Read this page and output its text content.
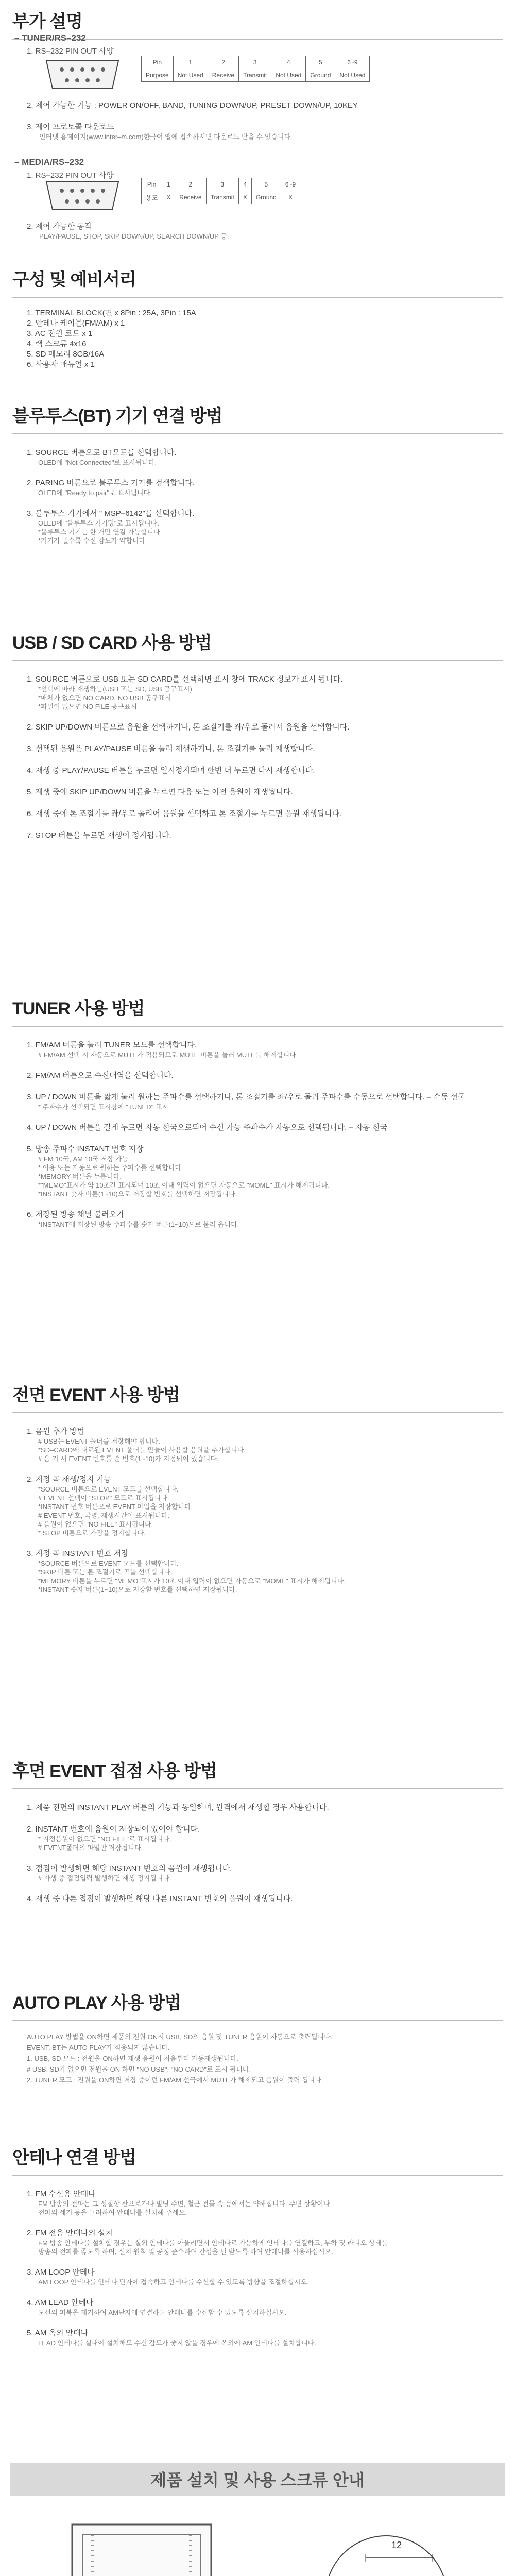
부가 설명
– TUNER/RS–232
1. RS–232 PIN OUT 사양
Pin	1	2	3	4	5	6~9
Purpose	Not Used	Receive	Transmit	Not Used	Ground	Not Used

2. 제어 가능한 기능 : POWER ON/OFF, BAND, TUNING DOWN/UP, PRESET DOWN/UP, 10KEY

3. 제어 프로토콜 다운로드

인터넷 홈페이지(www.inter–m.com)한국어 앱에 접속하시면 다운로드 받을 수 있습니다.

– MEDIA/RS–232
1. RS–232 PIN OUT 사양
Pin	1	2	3	4	5	6~9
용도	X	Receive	Transmit	X	Ground	X

2. 제어 가능한 동작

PLAY/PAUSE, STOP, SKIP DOWN/UP, SEARCH DOWN/UP 등.

구성 및 예비서리

1. TERMINAL BLOCK(핀 x 8Pin : 25A, 3Pin : 15A

2. 안테나 케이블(FM/AM) x 1

3. AC 전원 코드 x 1

4. 랙 스크류 4x16

5. SD 메모리 8GB/16A

6. 사용자 매뉴얼 x 1

블루투스(BT) 기기 연결 방법

1. SOURCE 버튼으로 BT모드를 선택합니다.

OLED에 "Not Connected"로 표시됩니다.

2. PARING 버튼으로 블루투스 기기를 검색합니다.

OLED에 "Ready to pair"로 표시됩니다.

3. 블루투스 기기에서 " MSP–6142"를 선택합니다.

OLED에 "블루투스 기기명"로 표시됩니다.

*블루투스 기기는 한 개만 연결 가능합니다.

*기기가 멀수록 수신 감도가 약합니다.

USB / SD CARD 사용 방법

1. SOURCE 버튼으로 USB 또는 SD CARD를 선택하면 표시 창에 TRACK 정보가 표시 됩니다.

*선택에 따라 재생하는(USB 또는 SD, USB 공구표시)

*매체가 없으면 NO CARD, NO USB 공구표시

*파일이 없으면 NO FILE 공구표시

2. SKIP UP/DOWN 버튼으로 음원을 선택하거나, 톤 조절기를 좌/우로 돌려서 음원을 선택합니다.

3. 선택된 음원은 PLAY/PAUSE 버튼을 눌러 재생하거나, 톤 조절기를 눌러 재생합니다.

4. 재생 중 PLAY/PAUSE 버튼을 누르면 일시정지되며 한번 더 누르면 다시 재생합니다.

5. 재생 중에 SKIP UP/DOWN 버튼을 누르면 다음 또는 이전 음원이 재생됩니다.

6. 재생 중에 톤 조절기를 좌/우로 돌리어 음원을 선택하고 톤 조절기를 누르면 음원 재생됩니다.

7. STOP 버튼을 누르면 재생이 정지됩니다.

TUNER 사용 방법

1. FM/AM 버튼을 눌러 TUNER 모드를 선택합니다.

# FM/AM 선택 시 자동으로 MUTE가 적용되므로 MUTE 버튼을 눌러 MUTE를 해제합니다.

2. FM/AM 버튼으로 수신대역을 선택합니다.

3. UP / DOWN 버튼을 짧게 눌러 원하는 주파수를 선택하거나, 톤 조절기를 좌/우로 돌려 주파수를 수동으로 선택합니다. – 수동 선국

* 주파수가 선택되면 표시창에 "TUNED" 표시

4. UP / DOWN 버튼을 길게 누르면 자동 선국으로되어 수신 가능 주파수가 자동으로 선택됩니다. – 자동 선국

5. 방송 주파수 INSTANT 번호 저장

# FM 10국, AM 10국 저장 가능

* 이용 또는 자동으로 원하는 주파수를 선택합니다.

*MEMORY 버튼을 누릅니다.

*"MEMO"표시가 약 10초간 표시되며 10초 이내 입력이 없으면 자동으로 "MOME" 표시가 해제됩니다.

*INSTANT 숫자 버튼(1~10)으로 저장할 번호를 선택하면 저장됩니다.

6. 저장된 방송 채널 불러오기

*INSTANT에 저장된 방송 주파수를 숫자 버튼(1~10)으로 불러 옵니다.

전면 EVENT 사용 방법

1. 음원 추가 방법

# USB는 EVENT 폴더를 저장해야 합니다.

*SD–CARD에 대로된 EVENT 폴더를 만들어 사용할 음원을 추가합니다.

# 음 기 서 EVENT 번호를 순 번호(1~10)가 지정되어 있습니다.

2. 지정 곡 재생/정지 기능

*SOURCE 버튼으로 EVENT 모드를 선택합니다.

# EVENT 선택이 "STOP" 모드로 표시됩니다.

*INSTANT 번호 버튼으로 EVENT 파일을 저장합니다.

# EVENT 번호, 국명, 재생시간이 표시됩니다.

# 음원이 없으면 "NO FILE" 표시됩니다.

* STOP 버튼으로 가장을 정지합니다.

3. 지정 곡 INSTANT 번호 저장

*SOURCE 버튼으로 EVENT 모드를 선택합니다.

*SKIP 버튼 또는 톤 조절기로 곡을 선택합니다.

*MEMORY 버튼을 누르면 "MEMO"표시가 10초 이내 입력이 없으면 자동으로 "MOME" 표시가 해제됩니다.

*INSTANT 숫자 버튼(1~10)으로 저장할 번호를 선택하면 저장됩니다.

후면 EVENT 접점 사용 방법

1. 제품 전면의 INSTANT PLAY 버튼의 기능과 동일하며, 원격에서 재생할 경우 사용합니다.

2. INSTANT 번호에 음원이 저장되어 있어야 합니다.

* 지정음원이 없으면 "NO FILE"로 표시됩니다.

# EVENT폴더의 파일만 저장됩니다.

3. 접점이 발생하면 해당 INSTANT 번호의 음원이 재생됩니다.

# 자생 중 접점입력 발생하면 재생 정지됩니다.

4. 재생 중 다른 접점이 발생하면 해당 다른 INSTANT 번호의 음원이 재생됩니다.

AUTO PLAY 사용 방법

AUTO PLAY 방법을 ON하면 제품의 전원 ON시 USB, SD의 음원 및 TUNER 음원이 자동으로 출력됩니다.

EVENT, BT는 AUTO PLAY가 적용되지 않습니다.

1. USB, SD 모드 : 전원을 ON하면 재생 음원이 처음부터 자동재생됩니다.

# USB, SD가 없으면 전원을 ON 하면 "NO USB", "NO CARD"로 표시 됩니다.

2. TUNER 모드 : 전원을 ON하면 저장 중이던 FM/AM 선국에서 MUTE가 해제되고 음원이 출력 됩니다.

안테나 연결 방법

1. FM 수신용 안테나

FM 방송의 전파는 그 성질상 산으로가나 빌딩 주변, 철근 건물 속 등에서는 약해집니다. 주변 상황이나

전파의 세기 등을 고려하여 안테나를 설치해 주세요.

2. FM 전용 안테나의 설치

FM 방송 안테나를 설치할 경우는 실외 안테나를 아울리면서 안테나로 가능하게 안테나를 연결하고, 부하 및 라디오 상태를

방송의 전파를 좋도록 하며, 설치 원칙 및 공정 준수하여 간섭을 덜 받도록 하여 안테나를 사용하십시오.

3. AM LOOP 안테나

AM LOOP 안테나를 안테나 단자에 접속하고 안테나를 수신할 수 있도록 방향을 조절하십시오.

4. AM LEAD 안테나

도선의 피복을 제거하여 AM단자에 연결하고 안테나를 수신할 수 있도록 설치하십시오.

5. AM 옥외 안테나

LEAD 안테나를 실내에 설치해도 수신 감도가 좋지 않을 경우에 옥외에 AM 안테나를 설치합니다.

제품 설치 및 사용 스크류 안내
12
